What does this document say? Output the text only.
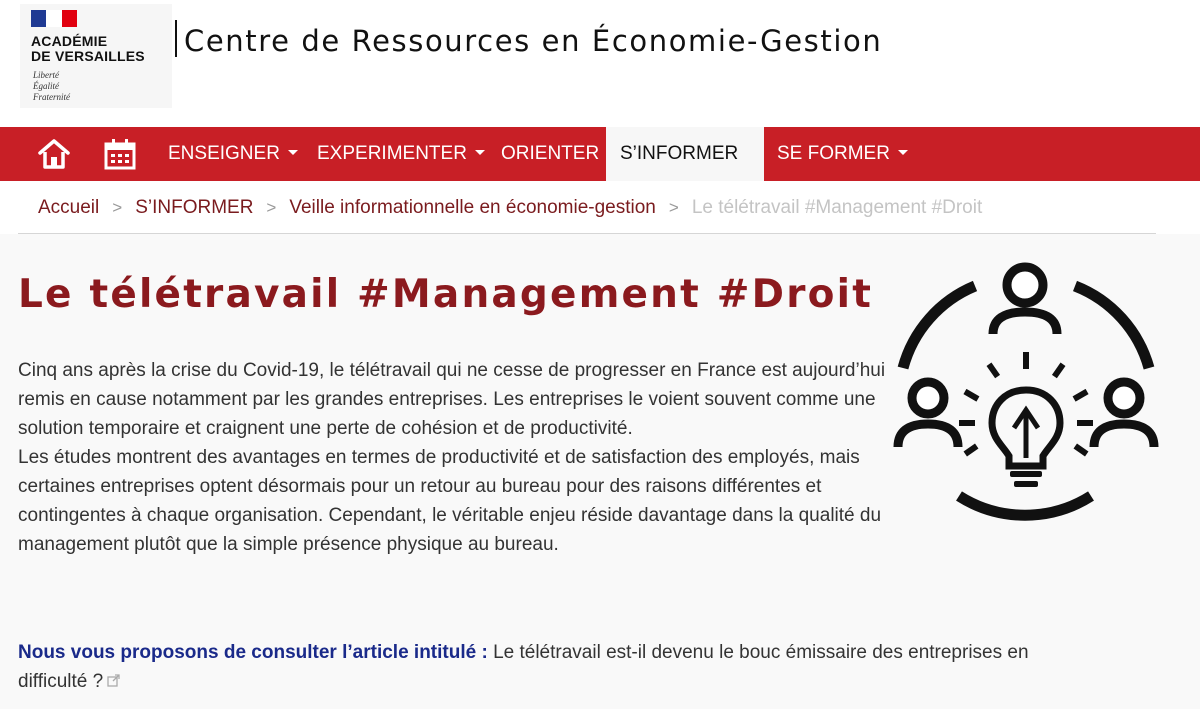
ACADÉMIE
DE VERSAILLES
Liberté
Égalité
Fraternité
Centre de Ressources en Économie-Gestion
ENSEIGNER EXPERIMENTER ORIENTER S’INFORMER SE FORMER
Accueil > S’INFORMER > Veille informationnelle en économie-gestion > Le télétravail #Management #Droit
Le télétravail #Management #Droit

Cinq ans après la crise du Covid-19, le télétravail qui ne cesse de progresser en France est aujourd’hui remis en cause notamment par les grandes entreprises. Les entreprises le voient souvent comme une solution temporaire et craignent une perte de cohésion et de productivité.

Les études montrent des avantages en termes de productivité et de satisfaction des employés, mais certaines entreprises optent désormais pour un retour au bureau pour des raisons différentes et contingentes à chaque organisation. Cependant, le véritable enjeu réside davantage dans la qualité du management plutôt que la simple présence physique au bureau.

Nous vous proposons de consulter l’article intitulé : Le télétravail est-il devenu le bouc émissaire des entreprises en difficulté ?
